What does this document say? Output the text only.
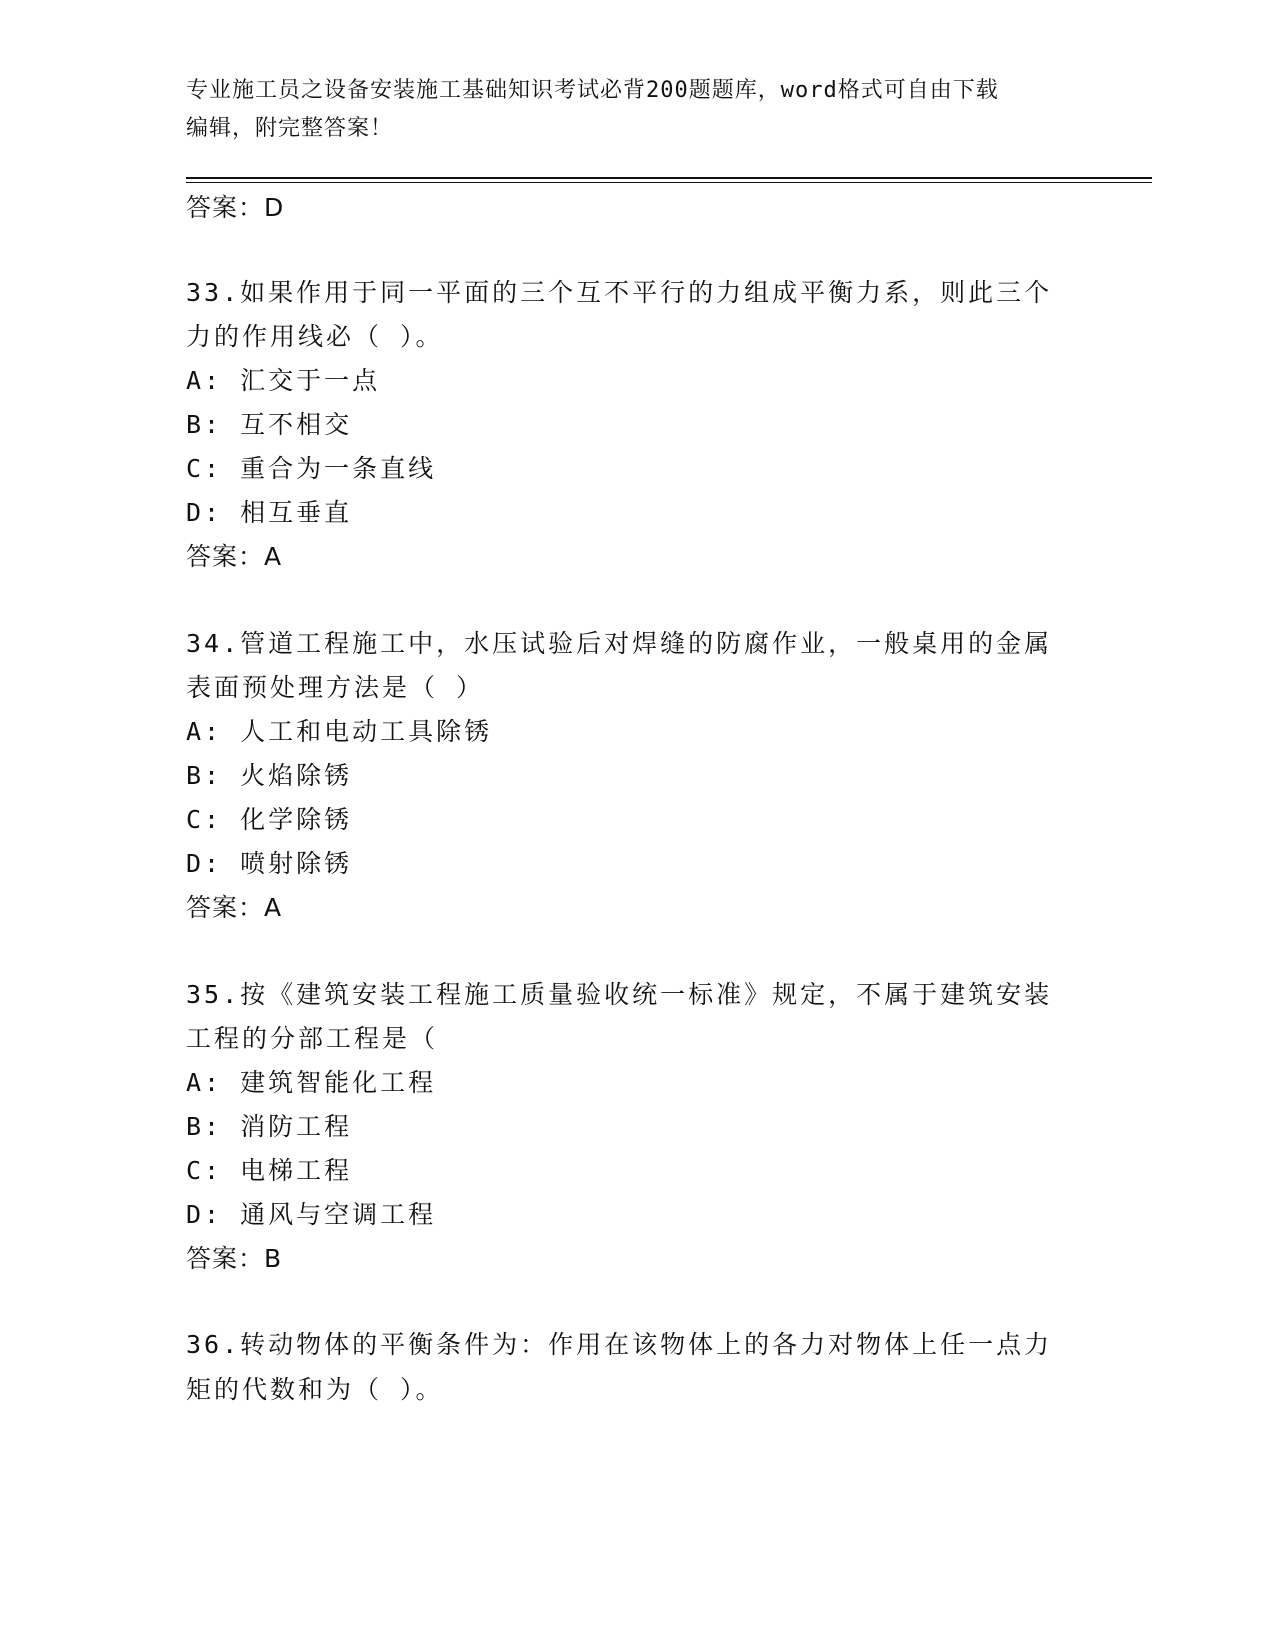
专业施工员之设备安装施工基础知识考试必背200题题库，word格式可自由下载
编辑，附完整答案！
答案：D
33.如果作用于同一平面的三个互不平行的力组成平衡力系，则此三个
力的作用线必（ ）。
A: 汇交于一点
B: 互不相交
C: 重合为一条直线
D: 相互垂直
答案：A
34.管道工程施工中，水压试验后对焊缝的防腐作业，一般桌用的金属
表面预处理方法是（ ）
A: 人工和电动工具除锈
B: 火焰除锈
C: 化学除锈
D: 喷射除锈
答案：A
35.按《建筑安装工程施工质量验收统一标准》规定，不属于建筑安装
工程的分部工程是（
A: 建筑智能化工程
B: 消防工程
C: 电梯工程
D: 通风与空调工程
答案：B
36.转动物体的平衡条件为：作用在该物体上的各力对物体上任一点力
矩的代数和为（ ）。
